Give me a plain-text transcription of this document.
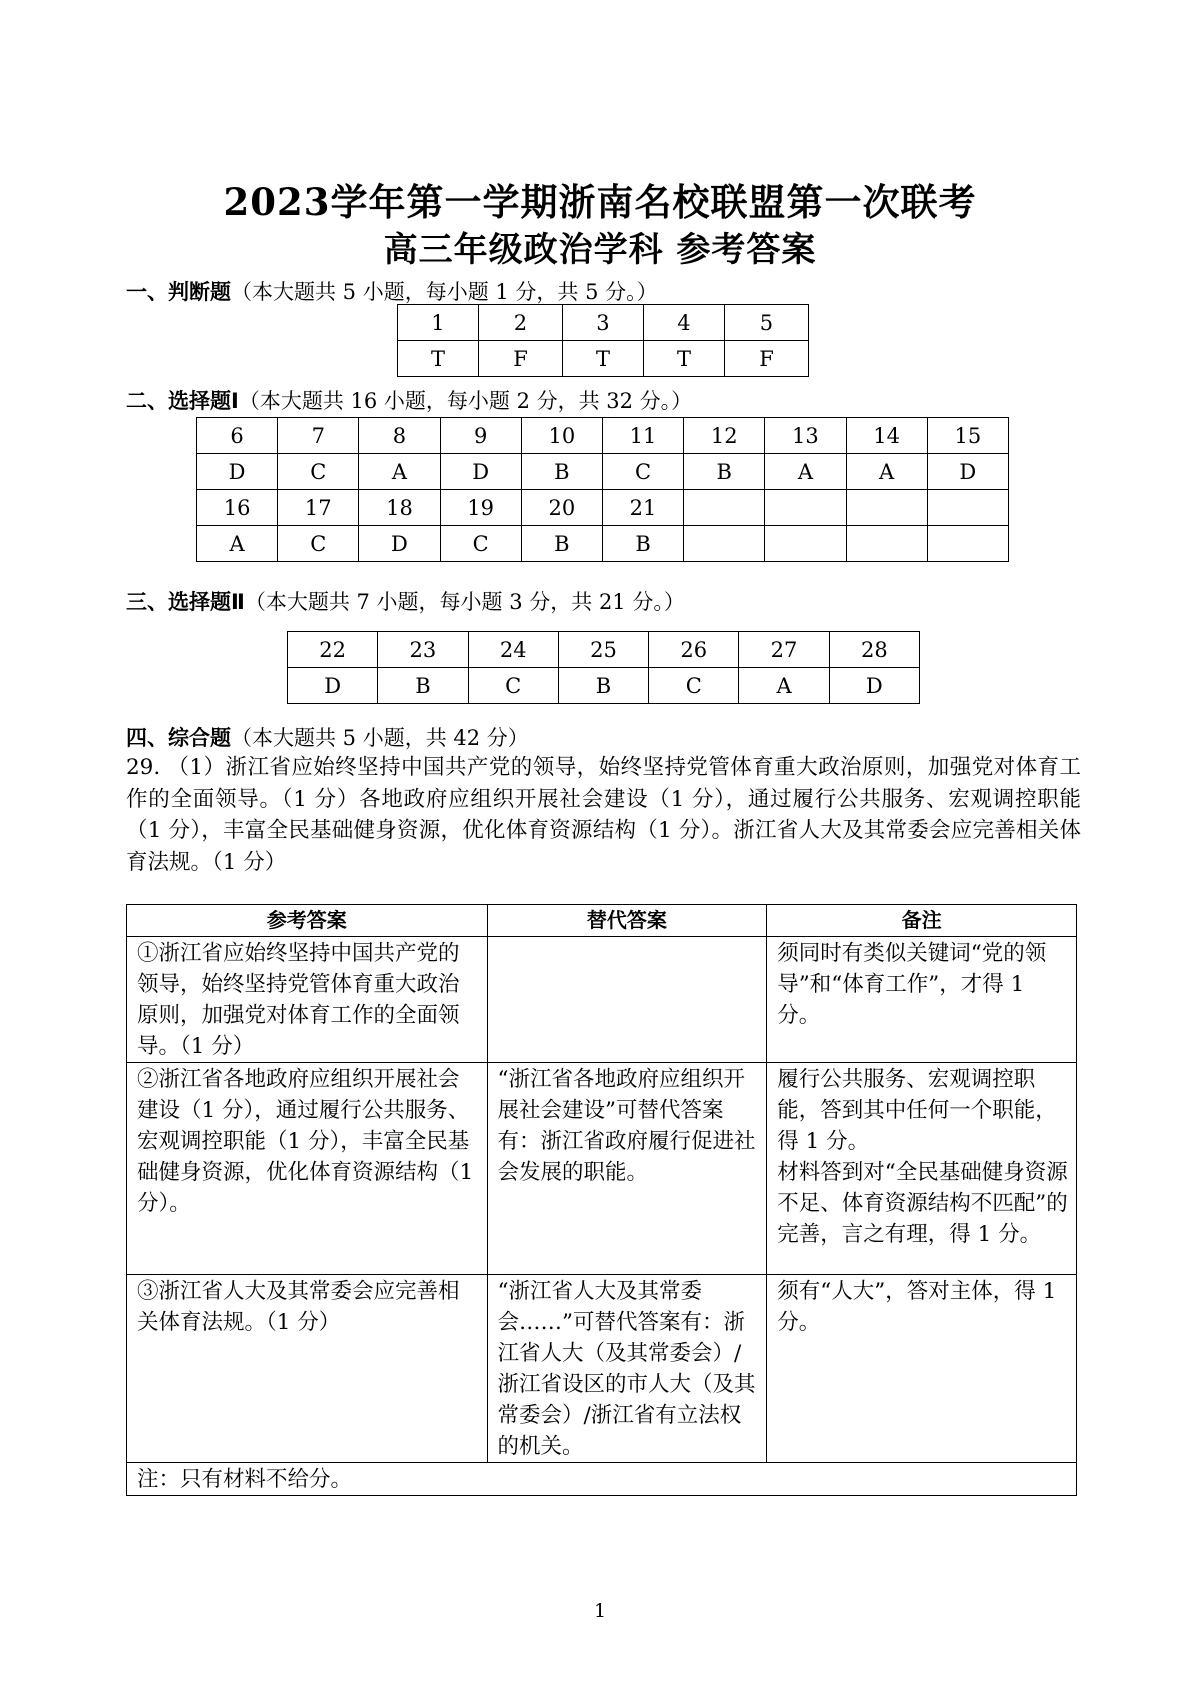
2023学年第一学期浙南名校联盟第一次联考
高三年级政治学科 参考答案
一、判断题（本大题共 5 小题，每小题 1 分，共 5 分。）
1	2	3	4	5
T	F	T	T	F
二、选择题Ⅰ（本大题共 16 小题，每小题 2 分，共 32 分。）
6	7	8	9	10	11	12	13	14	15
D	C	A	D	B	C	B	A	A	D
16	17	18	19	20	21				
A	C	D	C	B	B				
三、选择题Ⅱ（本大题共 7 小题，每小题 3 分，共 21 分。）
22	23	24	25	26	27	28
D	B	C	B	C	A	D
四、综合题（本大题共 5 小题，共 42 分）
29. （1）浙江省应始终坚持中国共产党的领导，始终坚持党管体育重大政治原则，加强党对体育工作的全面领导。（1 分）各地政府应组织开展社会建设（1 分），通过履行公共服务、宏观调控职能（1 分），丰富全民基础健身资源，优化体育资源结构（1 分）。浙江省人大及其常委会应完善相关体育法规。（1 分）
参考答案	替代答案	备注
①浙江省应始终坚持中国共产党的领导，始终坚持党管体育重大政治原则，加强党对体育工作的全面领导。（1 分）		须同时有类似关键词“党的领导”和“体育工作”，才得 1 分。
②浙江省各地政府应组织开展社会建设（1 分），通过履行公共服务、宏观调控职能（1 分），丰富全民基础健身资源，优化体育资源结构（1 分）。	“浙江省各地政府应组织开展社会建设”可替代答案有：浙江省政府履行促进社会发展的职能。	履行公共服务、宏观调控职能，答到其中任何一个职能，得 1 分。
材料答到对“全民基础健身资源不足、体育资源结构不匹配”的完善，言之有理，得 1 分。

③浙江省人大及其常委会应完善相关体育法规。（1 分）	“浙江省人大及其常委会……”可替代答案有：浙江省人大（及其常委会）/浙江省设区的市人大（及其常委会）/浙江省有立法权的机关。	须有“人大”，答对主体，得 1 分。
注：只有材料不给分。		
1
